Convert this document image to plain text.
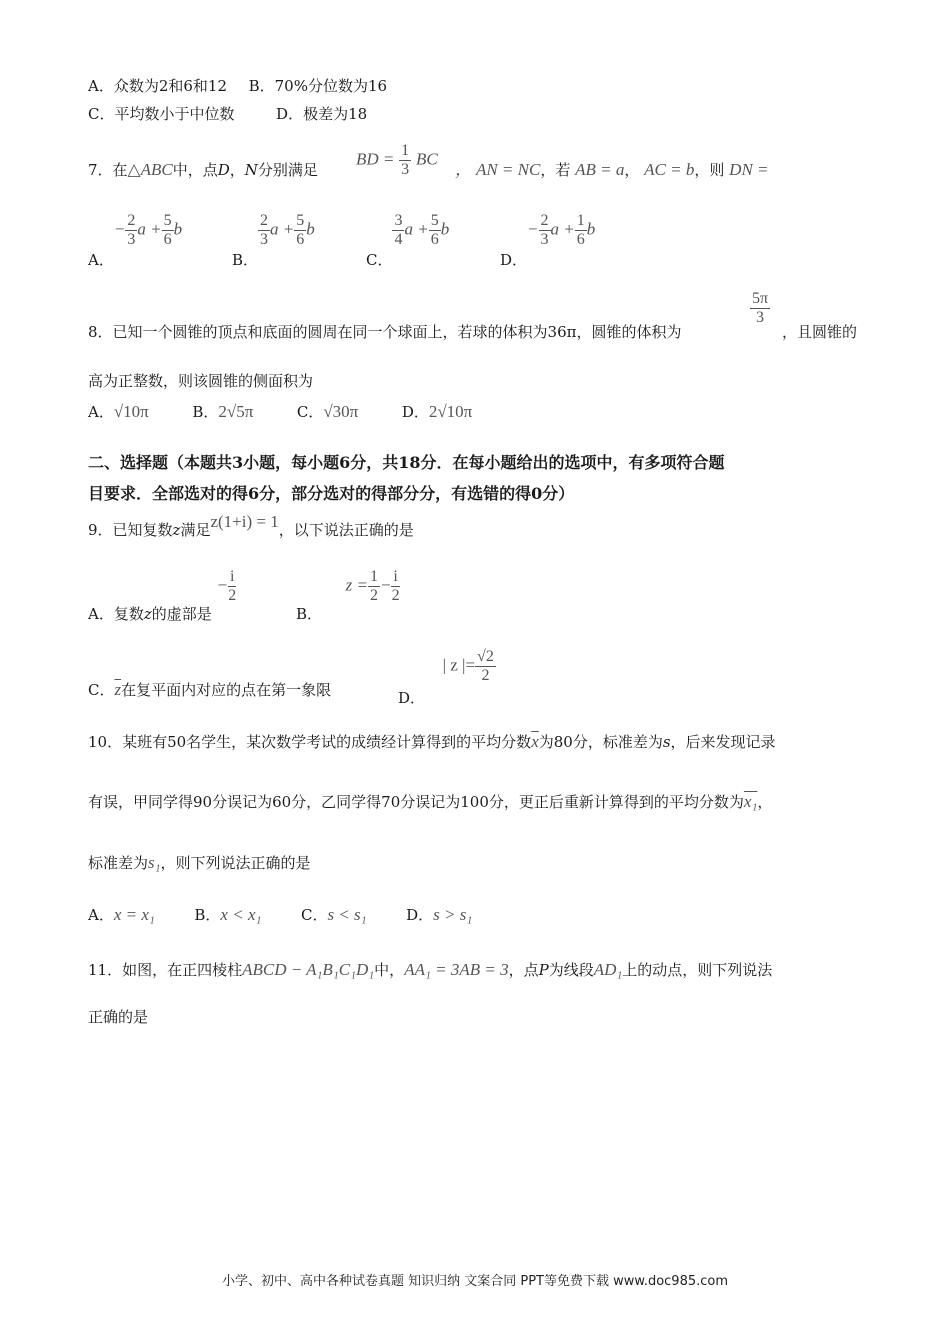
A．众数为2和6和12 B．70%分位数为16
C．平均数小于中位数	D．极差为18
7．在△ABC中，点D，N分别满足
BD = $\frac{1}{3}$ BC
， AN = NC，若 AB = a， AC = b，则 DN =
A．− $\frac{2}{3}$ $a + \frac{5}{6}$ b
B．
$\frac{2}{3}$ $a + \frac{5}{6}$ b
C．
$\frac{3}{4}$ $a + \frac{5}{6}$ b
D．− $\frac{2}{3}$ $a + \frac{1}{6}$ b
8．已知一个圆锥的顶点和底面的圆周在同一个球面上，若球的体积为36π，圆锥的体积为
$\frac{5\pi}{3}$
，且圆锥的
高为正整数，则该圆锥的侧面积为
A．√10π	B．2√5π	C．√30π	D．2√10π
二、选择题（本题共3小题，每小题6分，共18分．在每小题给出的选项中，有多项符合题
目要求．全部选对的得6分，部分选对的得部分分，有选错的得0分）
9．已知复数z满足z(1+i) = 1，以下说法正确的是
A．复数z的虚部是 − $\frac{i}{2}$
B．  $z = \frac{1}{2} - \frac{i}{2}$
C．$\overline{z}$在复平面内对应的点在第一象限	D．  | z |= $\frac{√2}{2}$
10．某班有50名学生，某次数学考试的成绩经计算得到的平均分数$\overline{x}$为80分，标准差为s，后来发现记录
有误，甲同学得90分误记为60分，乙同学得70分误记为100分，更正后重新计算得到的平均分数为x₁，
标准差为s₁，则下列说法正确的是
A．x = x₁	B．x < x₁	C．s < s₁	D．s > s₁
11．如图，在正四棱柱ABCD − A₁B₁C₁D₁中，AA₁ = 3AB = 3，点P为线段AD₁上的动点，则下列说法
正确的是
小学、初中、高中各种试卷真题 知识归纳 文案合同 PPT等免费下载 www.doc985.com
